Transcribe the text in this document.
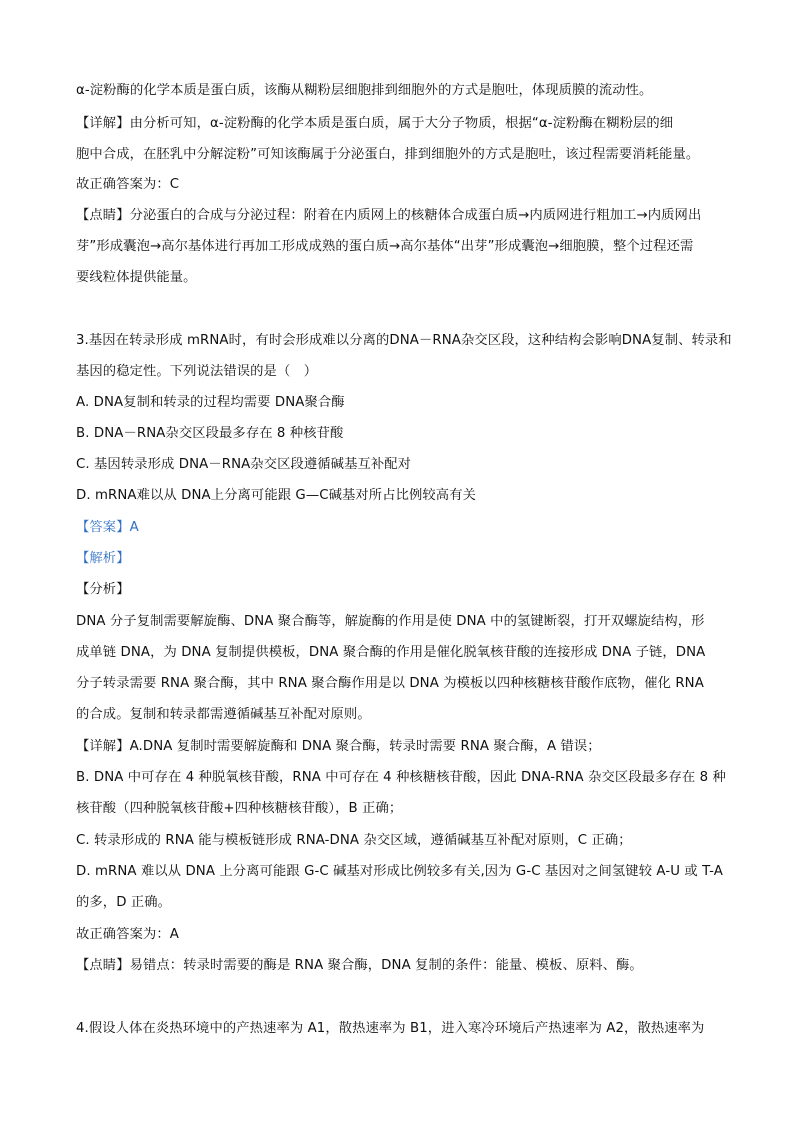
α-淀粉酶的化学本质是蛋白质，该酶从糊粉层细胞排到细胞外的方式是胞吐，体现质膜的流动性。
【详解】由分析可知，α-淀粉酶的化学本质是蛋白质，属于大分子物质，根据“α-淀粉酶在糊粉层的细
胞中合成，在胚乳中分解淀粉”可知该酶属于分泌蛋白，排到细胞外的方式是胞吐，该过程需要消耗能量。
故正确答案为：C
【点睛】分泌蛋白的合成与分泌过程：附着在内质网上的核糖体合成蛋白质→内质网进行粗加工→内质网出
芽”形成囊泡→高尔基体进行再加工形成成熟的蛋白质→高尔基体“出芽”形成囊泡→细胞膜，整个过程还需
要线粒体提供能量。
3.基因在转录形成 mRNA时，有时会形成难以分离的DNA－RNA杂交区段，这种结构会影响DNA复制、转录和
基因的稳定性。下列说法错误的是（　）
A. DNA复制和转录的过程均需要 DNA聚合酶
B. DNA－RNA杂交区段最多存在 8 种核苷酸
C. 基因转录形成 DNA－RNA杂交区段遵循碱基互补配对
D. mRNA难以从 DNA上分离可能跟 G—C碱基对所占比例较高有关
【答案】A
【解析】
【分析】
DNA 分子复制需要解旋酶、DNA 聚合酶等，解旋酶的作用是使 DNA 中的氢键断裂，打开双螺旋结构，形
成单链 DNA，为 DNA 复制提供模板，DNA 聚合酶的作用是催化脱氧核苷酸的连接形成 DNA 子链，DNA
分子转录需要 RNA 聚合酶，其中 RNA 聚合酶作用是以 DNA 为模板以四种核糖核苷酸作底物，催化 RNA
的合成。复制和转录都需遵循碱基互补配对原则。
【详解】A.DNA 复制时需要解旋酶和 DNA 聚合酶，转录时需要 RNA 聚合酶，A 错误；
B. DNA 中可存在 4 种脱氧核苷酸，RNA 中可存在 4 种核糖核苷酸，因此 DNA-RNA 杂交区段最多存在 8 种
核苷酸（四种脱氧核苷酸+四种核糖核苷酸），B 正确；
C. 转录形成的 RNA 能与模板链形成 RNA-DNA 杂交区域，遵循碱基互补配对原则，C 正确；
D. mRNA 难以从 DNA 上分离可能跟 G-C 碱基对形成比例较多有关,因为 G-C 基因对之间氢键较 A-U 或 T-A
的多，D 正确。
故正确答案为：A
【点睛】易错点：转录时需要的酶是 RNA 聚合酶，DNA 复制的条件：能量、模板、原料、酶。
4.假设人体在炎热环境中的产热速率为 A1，散热速率为 B1，进入寒冷环境后产热速率为 A2，散热速率为
